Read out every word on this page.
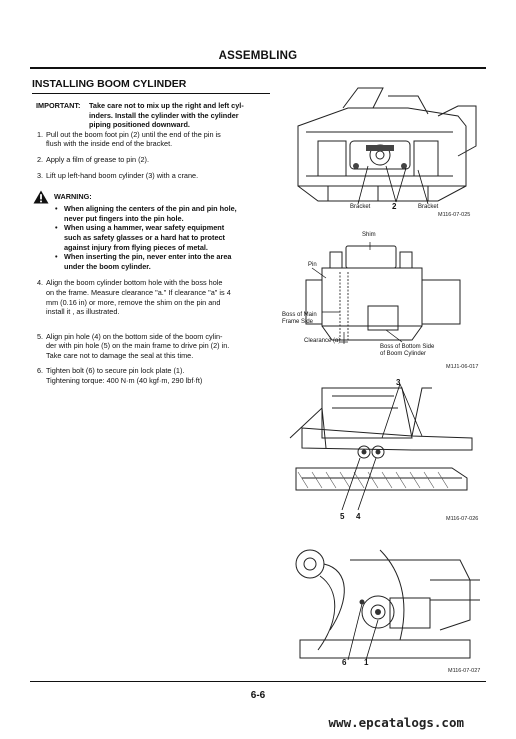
ASSEMBLING
INSTALLING BOOM CYLINDER
IMPORTANT: Take care not to mix up the right and left cyl-
inders. Install the cylinder with the cylinder
piping positioned downward.
1. Pull out the boom foot pin (2) until the end of the pin is
flush with the inside end of the bracket.
2. Apply a film of grease to pin (2).
3. Lift up left-hand boom cylinder (3) with a crane.
WARNING:
• When aligning the centers of the pin and pin hole,
never put fingers into the pin hole.
• When using a hammer, wear safety equipment
such as safety glasses or a hard hat to protect
against injury from flying pieces of metal.
• When inserting the pin, never enter into the area
under the boom cylinder.
4. Align the boom cylinder bottom hole with the boss hole
on the frame. Measure clearance "a." If clearance "a" is 4
mm (0.16 in) or more, remove the shim on the pin and
install it , as illustrated.
5. Align pin hole (4) on the bottom side of the boom cylin-
der with pin hole (5) on the main frame to drive pin (2) in.
Take care not to damage the seal at this time.
6. Tighten bolt (6) to secure pin lock plate (1).
Tightening torque: 400 N·m (40 kgf·m, 290 lbf·ft)
Bracket	2	Bracket
M116-07-025
Shim
Pin
Boss of Main
Frame Side
Clearance (a)
Boss of Bottom Side
of Boom Cylinder
M1J1-06-017
3
5 4	M116-07-026
6 1
M116-07-027
6-6
www.epcatalogs.com
